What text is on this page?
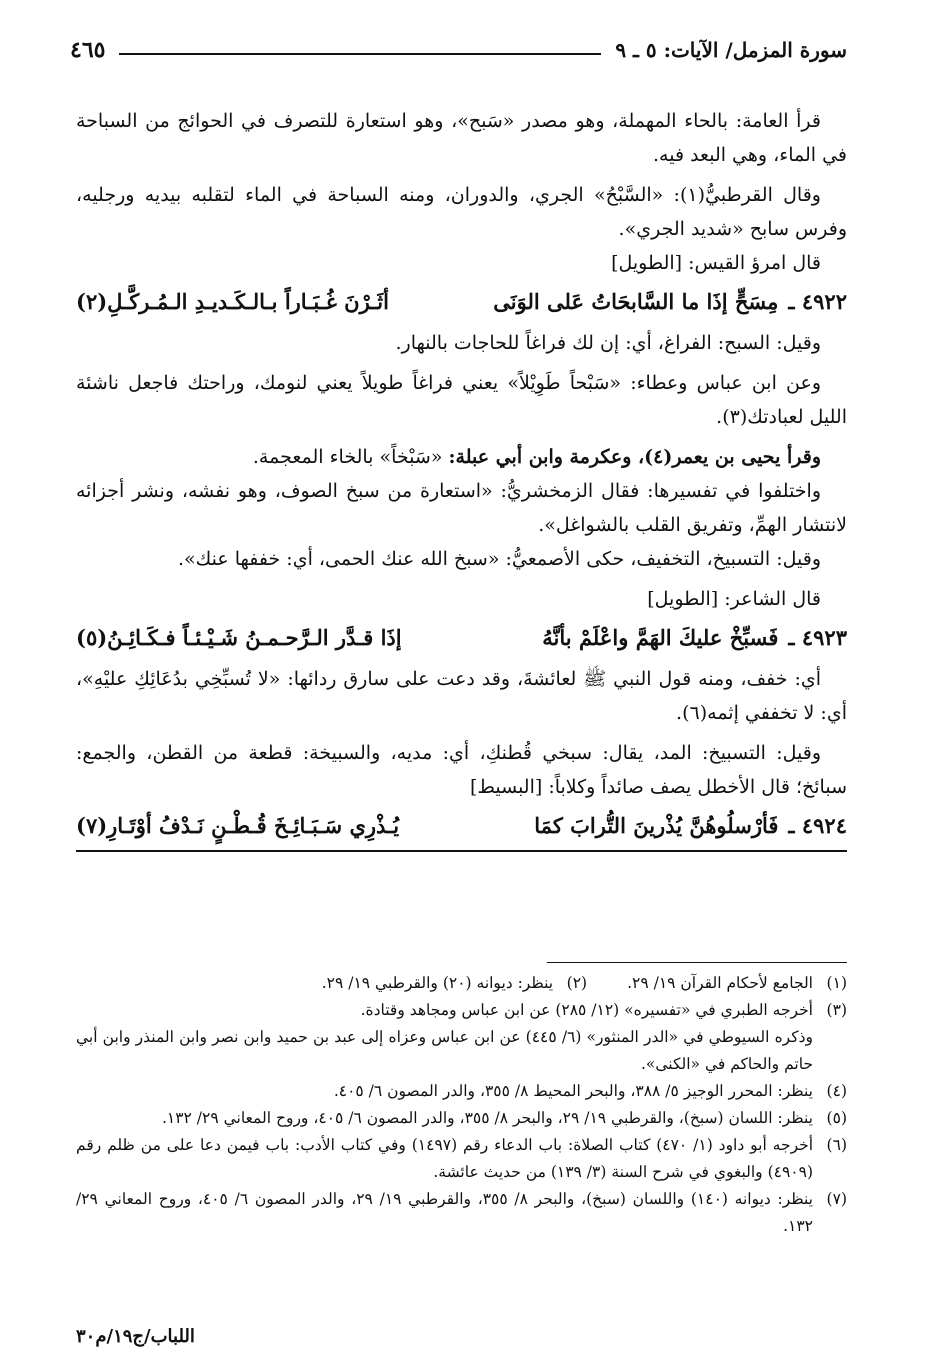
سورة المزمل/ الآيات: ٥ ـ ٩
٤٦٥

قرأ العامة: بالحاء المهملة، وهو مصدر «سَبح»، وهو استعارة للتصرف في الحوائج من السباحة في الماء، وهي البعد فيه.

وقال القرطبيُّ(١): «السَّبْحُ» الجري، والدوران، ومنه السباحة في الماء لتقلبه بيديه ورجليه، وفرس سابح «شديد الجري».

قال امرؤ القيس: [الطويل]

٤٩٢٢ ـ
مِسَحٍّ إذَا ما السَّابحَاتُ عَلى الوَنَى
أثَـرْنَ غُـبَـاراً بـالـكَـديـدِ الـمُـركَّـلِ(٢)

وقيل: السبح: الفراغ، أي: إن لك فراغاً للحاجات بالنهار.

وعن ابن عباس وعطاء: «سَبْحاً طَوِيْلاً» يعني فراغاً طويلاً يعني لنومك، وراحتك فاجعل ناشئة الليل لعبادتك(٣).

وقرأ يحيى بن يعمر(٤)، وعكرمة وابن أبي عبلة: «سَبْخاً» بالخاء المعجمة.

واختلفوا في تفسيرها: فقال الزمخشريُّ: «استعارة من سبخ الصوف، وهو نفشه، ونشر أجزائه لانتشار الهمِّ، وتفريق القلب بالشواغل».

وقيل: التسبيخ، التخفيف، حكى الأصمعيُّ: «سبخ الله عنك الحمى، أي: خففها عنك».

قال الشاعر: [الطويل]

٤٩٢٣ ـ
فَسبِّخْ عليكَ الهَمَّ واعْلَمْ بأنَّهُ
إذَا قـدَّر الـرَّحـمـنُ شَـيْـئـاً فـكَـائِـنُ(٥)

أي: خفف، ومنه قول النبي ﷺ لعائشةَ، وقد دعت على سارق ردائها: «لا تُسبِّخِي بدُعَائِكِ عليْهِ»، أي: لا تخففي إثمه(٦).

وقيل: التسبيخ: المد، يقال: سبخي قُطنكِ، أي: مديه، والسبيخة: قطعة من القطن، والجمع: سبائخ؛ قال الأخطل يصف صائداً وكلاباً: [البسيط]

٤٩٢٤ ـ
فَأرْسلُوهُنَّ يُذْرينَ التُّرابَ كمَا
يُـذْرِي سَـبَـائِـخَ قُـطْـنٍ نَـدْفُ أوْتَـارِ(٧)
(١)
الجامع لأحكام القرآن ١٩/ ٢٩.
(٢)
ينظر: ديوانه (٢٠) والقرطبي ١٩/ ٢٩.
(٣)
أخرجه الطبري في «تفسيره» (١٢/ ٢٨٥) عن ابن عباس ومجاهد وقتادة.
وذكره السيوطي في «الدر المنثور» (٦/ ٤٤٥) عن ابن عباس وعزاه إلى عبد بن حميد وابن نصر وابن المنذر وابن أبي حاتم والحاكم في «الكنى».
(٤)
ينظر: المحرر الوجيز ٥/ ٣٨٨، والبحر المحيط ٨/ ٣٥٥، والدر المصون ٦/ ٤٠٥.
(٥)
ينظر: اللسان (سبخ)، والقرطبي ١٩/ ٢٩، والبحر ٨/ ٣٥٥، والدر المصون ٦/ ٤٠٥، وروح المعاني ٢٩/ ١٣٢.
(٦)
أخرجه أبو داود (١/ ٤٧٠) كتاب الصلاة: باب الدعاء رقم (١٤٩٧) وفي كتاب الأدب: باب فيمن دعا على من ظلم رقم (٤٩٠٩) والبغوي في شرح السنة (٣/ ١٣٩) من حديث عائشة.
(٧)
ينظر: ديوانه (١٤٠) واللسان (سبخ)، والبحر ٨/ ٣٥٥، والقرطبي ١٩/ ٢٩، والدر المصون ٦/ ٤٠٥، وروح المعاني ٢٩/ ١٣٢.
اللباب/ج١٩/م٣٠
